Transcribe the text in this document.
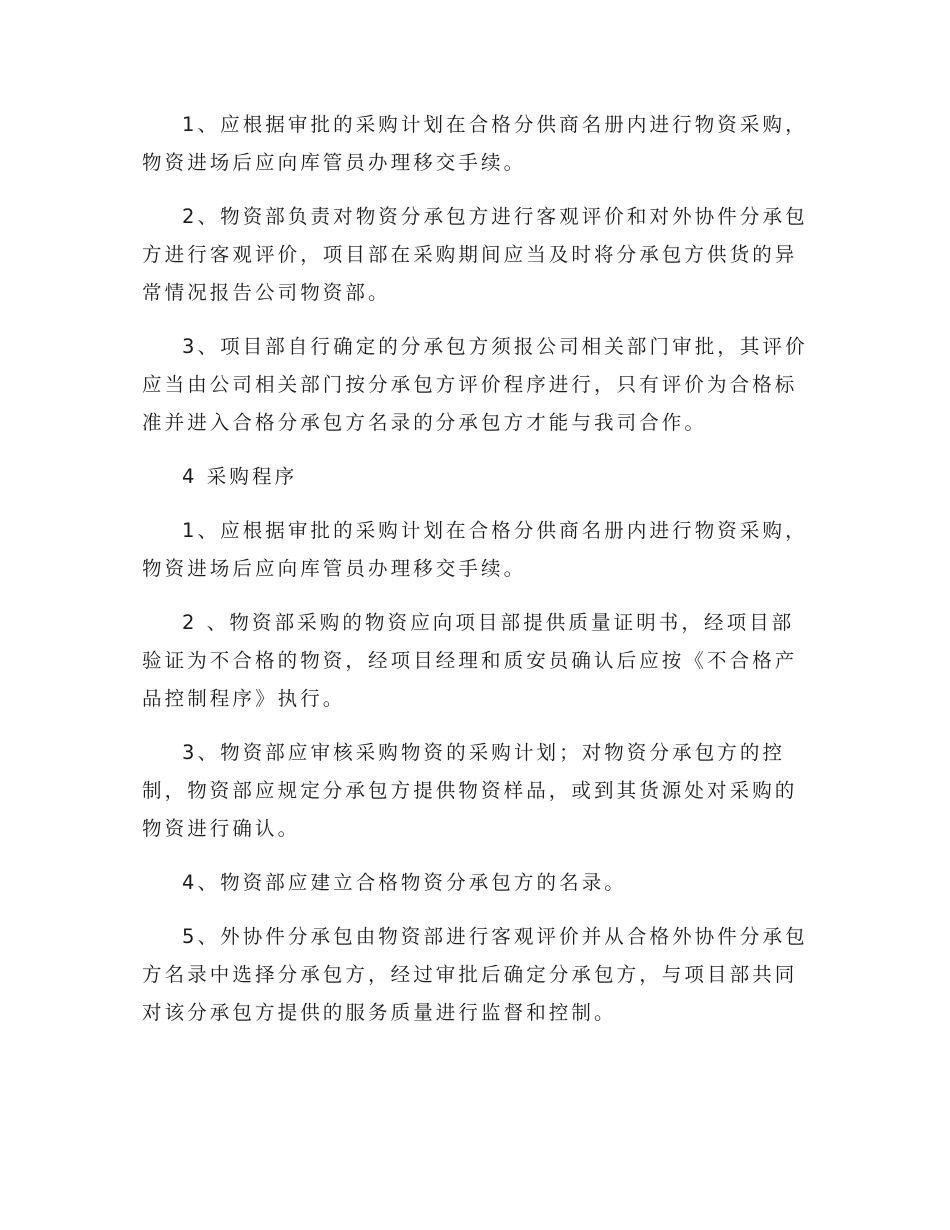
1、应根据审批的采购计划在合格分供商名册内进行物资采购，物资进场后应向库管员办理移交手续。

2、物资部负责对物资分承包方进行客观评价和对外协件分承包方进行客观评价，项目部在采购期间应当及时将分承包方供货的异常情况报告公司物资部。

3、项目部自行确定的分承包方须报公司相关部门审批，其评价应当由公司相关部门按分承包方评价程序进行，只有评价为合格标准并进入合格分承包方名录的分承包方才能与我司合作。

4 采购程序

1、应根据审批的采购计划在合格分供商名册内进行物资采购，物资进场后应向库管员办理移交手续。

2 、物资部采购的物资应向项目部提供质量证明书，经项目部验证为不合格的物资，经项目经理和质安员确认后应按《不合格产品控制程序》执行。

3、物资部应审核采购物资的采购计划；对物资分承包方的控制，物资部应规定分承包方提供物资样品，或到其货源处对采购的物资进行确认。

4、物资部应建立合格物资分承包方的名录。

5、外协件分承包由物资部进行客观评价并从合格外协件分承包方名录中选择分承包方，经过审批后确定分承包方，与项目部共同对该分承包方提供的服务质量进行监督和控制。
